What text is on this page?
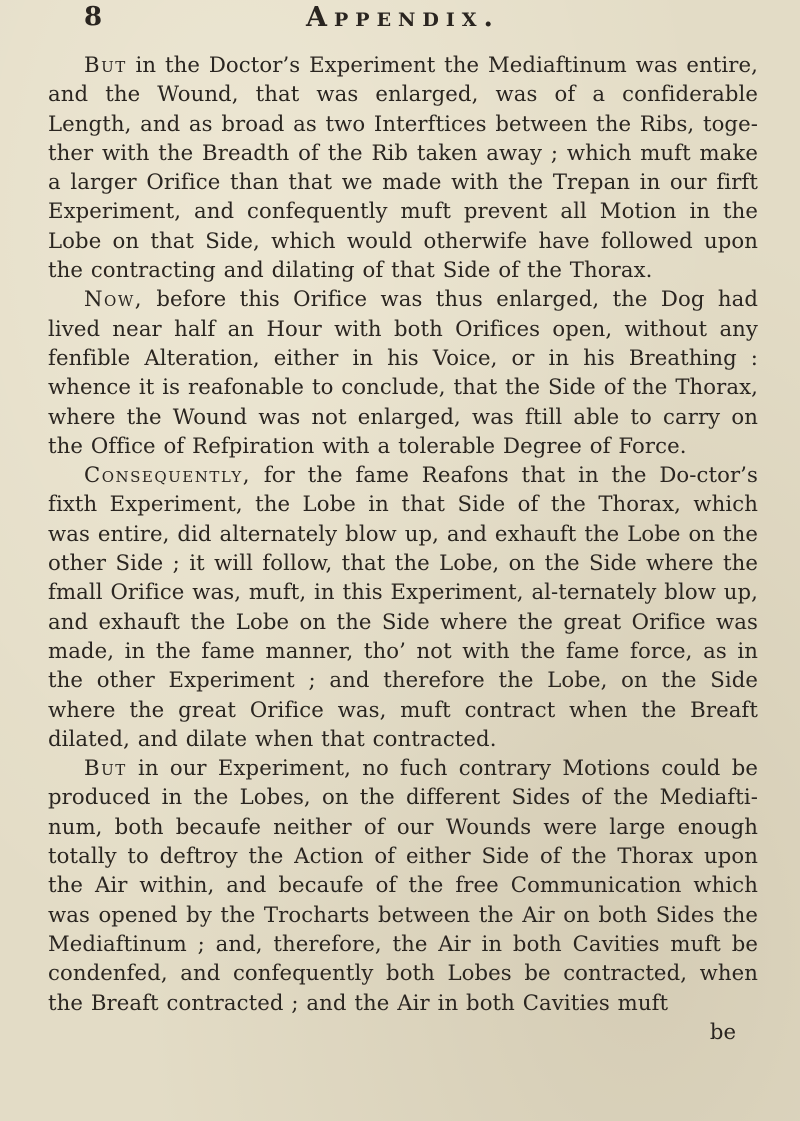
8	Appendix.

But in the Doctor’s Experiment the Mediaftinum was entire, and the Wound, that was enlarged, was of a confiderable Length, and as broad as two Interftices between the Ribs, toge-ther with the Breadth of the Rib taken away ; which muft make a larger Orifice than that we made with the Trepan in our firft Experiment, and confequently muft prevent all Motion in the Lobe on that Side, which would otherwife have followed upon the contracting and dilating of that Side of the Thorax.

Now, before this Orifice was thus enlarged, the Dog had lived near half an Hour with both Orifices open, without any fenfible Alteration, either in his Voice, or in his Breathing : whence it is reafonable to conclude, that the Side of the Thorax, where the Wound was not enlarged, was ftill able to carry on the Office of Refpiration with a tolerable Degree of Force.

Consequently, for the fame Reafons that in the Do-ctor’s fixth Experiment, the Lobe in that Side of the Thorax, which was entire, did alternately blow up, and exhauft the Lobe on the other Side ; it will follow, that the Lobe, on the Side where the fmall Orifice was, muft, in this Experiment, al-ternately blow up, and exhauft the Lobe on the Side where the great Orifice was made, in the fame manner, tho’ not with the fame force, as in the other Experiment ; and therefore the Lobe, on the Side where the great Orifice was, muft contract when the Breaft dilated, and dilate when that contracted.

But in our Experiment, no fuch contrary Motions could be produced in the Lobes, on the different Sides of the Mediafti-num, both becaufe neither of our Wounds were large enough totally to deftroy the Action of either Side of the Thorax upon the Air within, and becaufe of the free Communication which was opened by the Trocharts between the Air on both Sides the Mediaftinum ; and, therefore, the Air in both Cavities muft be condenfed, and confequently both Lobes be contracted, when the Breaft contracted ; and the Air in both Cavities muft

be
